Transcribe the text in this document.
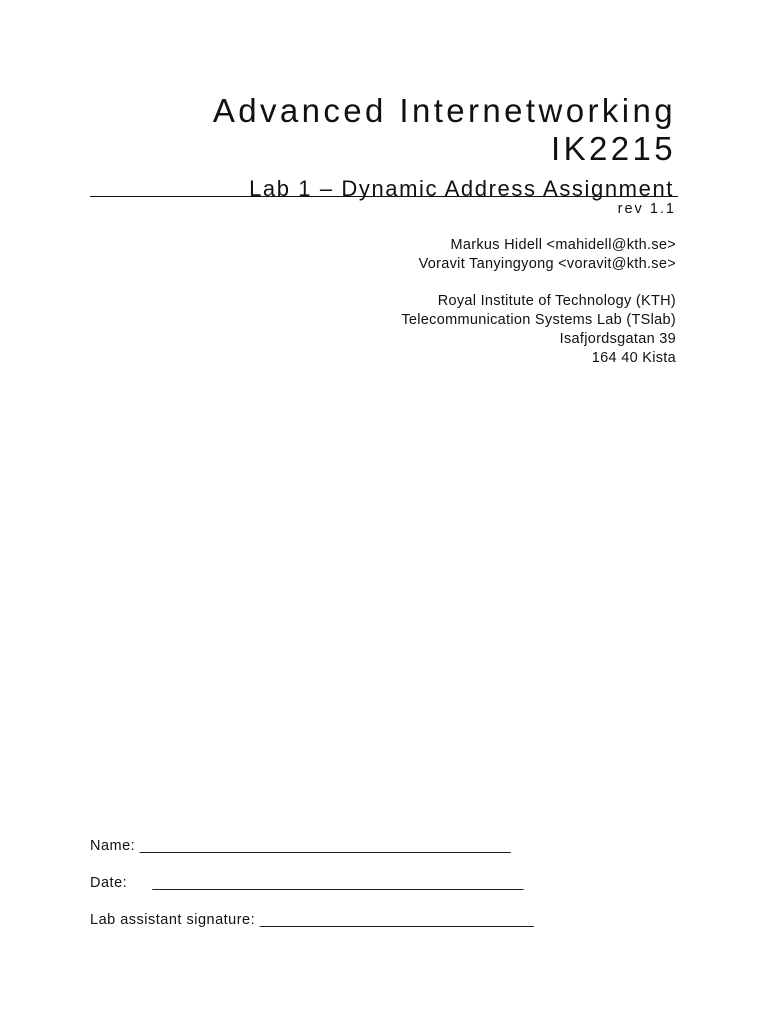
Advanced Internetworking
IK2215
Lab 1 – Dynamic Address Assignment
rev 1.1
Markus Hidell <mahidell@kth.se>
Voravit Tanyingyong <voravit@kth.se>
Royal Institute of Technology (KTH)
Telecommunication Systems Lab (TSlab)
Isafjordsgatan 39
164 40 Kista
Name: ______________________________________________
Date: ______________________________________________
Lab assistant signature: __________________________________
